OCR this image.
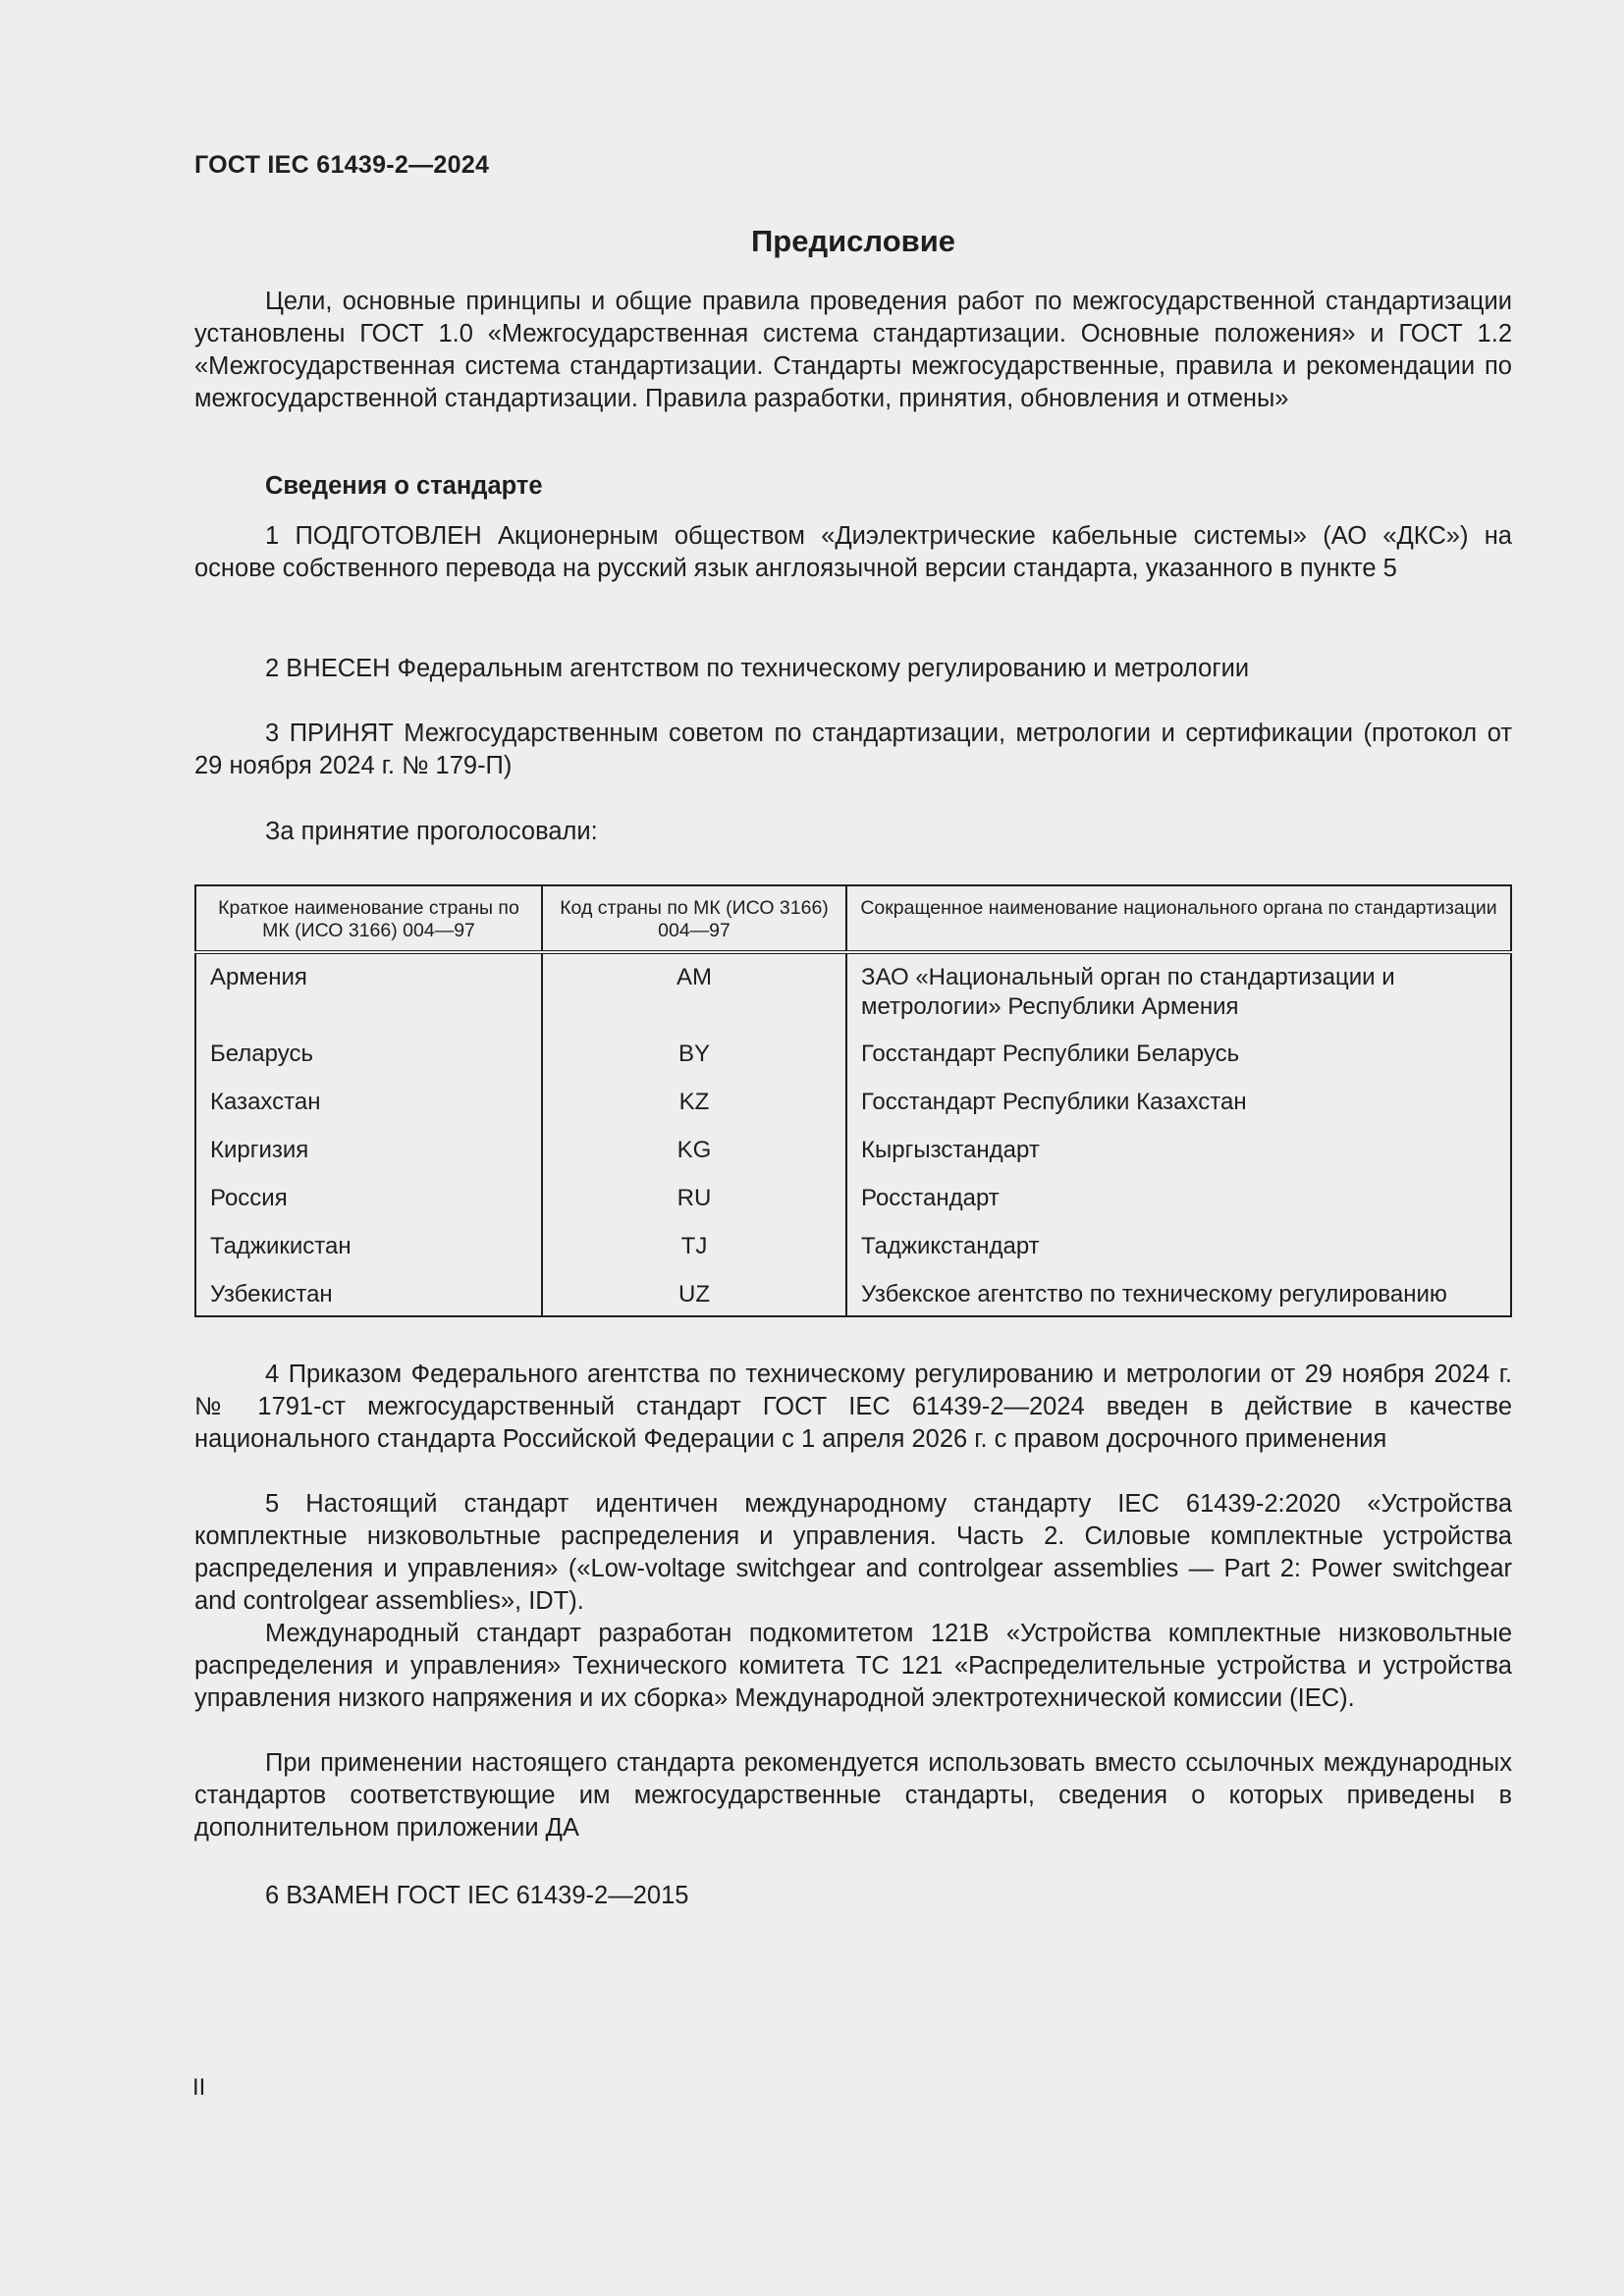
ГОСТ IEC 61439-2—2024
Предисловие
Цели, основные принципы и общие правила проведения работ по межгосударственной стандартизации установлены ГОСТ 1.0 «Межгосударственная система стандартизации. Основные положения» и ГОСТ 1.2 «Межгосударственная система стандартизации. Стандарты межгосударственные, правила и рекомендации по межгосударственной стандартизации. Правила разработки, принятия, обновления и отмены»
Сведения о стандарте
1 ПОДГОТОВЛЕН Акционерным обществом «Диэлектрические кабельные системы» (АО «ДКС») на основе собственного перевода на русский язык англоязычной версии стандарта, указанного в пункте 5
2 ВНЕСЕН Федеральным агентством по техническому регулированию и метрологии
3 ПРИНЯТ Межгосударственным советом по стандартизации, метрологии и сертификации (протокол от 29 ноября 2024 г. № 179-П)
За принятие проголосовали:
Краткое наименование страны по МК (ИСО 3166) 004—97	Код страны по МК (ИСО 3166) 004—97	Сокращенное наименование национального органа по стандартизации
Армения	AM	ЗАО «Национальный орган по стандартизации и метрологии» Республики Армения
Беларусь	BY	Госстандарт Республики Беларусь
Казахстан	KZ	Госстандарт Республики Казахстан
Киргизия	KG	Кыргызстандарт
Россия	RU	Росстандарт
Таджикистан	TJ	Таджикстандарт
Узбекистан	UZ	Узбекское агентство по техническому регулированию
4 Приказом Федерального агентства по техническому регулированию и метрологии от 29 ноября 2024 г. № 1791-ст межгосударственный стандарт ГОСТ IEC 61439-2—2024 введен в действие в качестве национального стандарта Российской Федерации с 1 апреля 2026 г. с правом досрочного применения
5 Настоящий стандарт идентичен международному стандарту IEC 61439-2:2020 «Устройства комплектные низковольтные распределения и управления. Часть 2. Силовые комплектные устройства распределения и управления» («Low-voltage switchgear and controlgear assemblies — Part 2: Power switchgear and controlgear assemblies», IDT).
Международный стандарт разработан подкомитетом 121В «Устройства комплектные низковольтные распределения и управления» Технического комитета ТС 121 «Распределительные устройства и устройства управления низкого напряжения и их сборка» Международной электротехнической комиссии (IEC).
При применении настоящего стандарта рекомендуется использовать вместо ссылочных международных стандартов соответствующие им межгосударственные стандарты, сведения о которых приведены в дополнительном приложении ДА
6 ВЗАМЕН ГОСТ IEC 61439-2—2015
II
